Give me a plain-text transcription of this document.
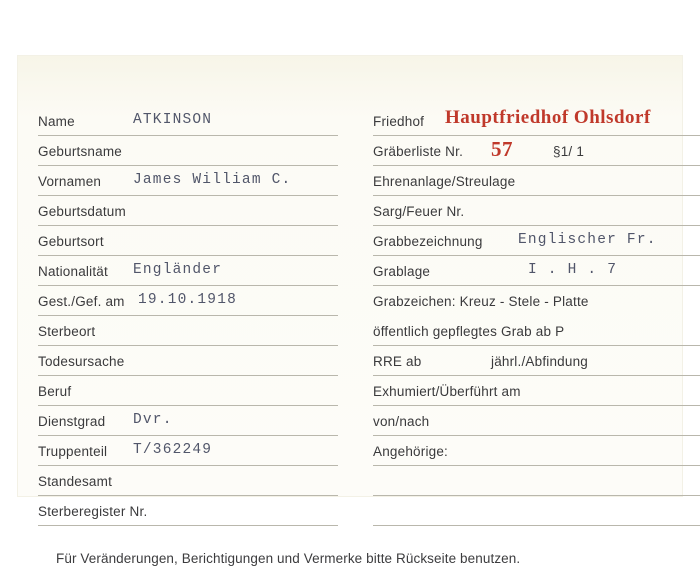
Name	ATKINSON
Geburtsname
Vornamen James William C.
Geburtsdatum
Geburtsort
Nationalität Engländer
Gest./Gef. am 19.10.1918
Sterbeort
Todesursache
Beruf
Dienstgrad Dvr.
Truppenteil T/362249
Standesamt
Sterberegister Nr.
Friedhof Hauptfriedhof Ohlsdorf
Gräberliste Nr. 57	§1/ 1
Ehrenanlage/Streulage
Sarg/Feuer Nr.
Grabbezeichnung Englischer Fr.
Grablage	I . H . 7
Grabzeichen: Kreuz - Stele - Platte
öffentlich gepflegtes Grab ab P
RRE ab	jährl./Abfindung
Exhumiert/Überführt am
von/nach
Angehörige:
Für Veränderungen, Berichtigungen und Vermerke bitte Rückseite benutzen.
